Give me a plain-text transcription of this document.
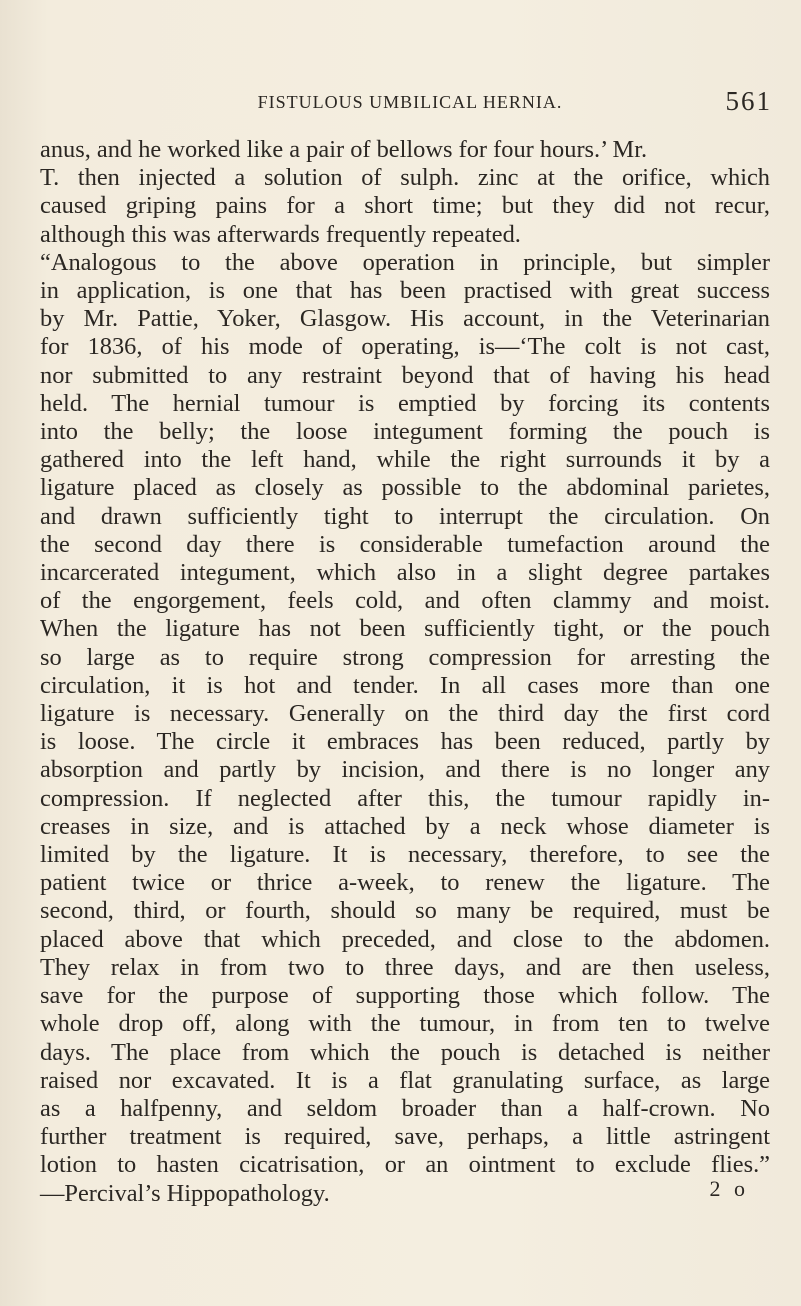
FISTULOUS UMBILICAL HERNIA.	561
anus, and he worked like a pair of bellows for four hours.’ Mr.
T. then injected a solution of sulph. zinc at the orifice, which
caused griping pains for a short time; but they did not recur,
although this was afterwards frequently repeated.
“Analogous to the above operation in principle, but simpler
in application, is one that has been practised with great success
by Mr. Pattie, Yoker, Glasgow. His account, in the Veterinarian
for 1836, of his mode of operating, is—‘The colt is not cast,
nor submitted to any restraint beyond that of having his head
held. The hernial tumour is emptied by forcing its contents
into the belly; the loose integument forming the pouch is
gathered into the left hand, while the right surrounds it by a
ligature placed as closely as possible to the abdominal parietes,
and drawn sufficiently tight to interrupt the circulation. On
the second day there is considerable tumefaction around the
incarcerated integument, which also in a slight degree partakes
of the engorgement, feels cold, and often clammy and moist.
When the ligature has not been sufficiently tight, or the pouch
so large as to require strong compression for arresting the
circulation, it is hot and tender. In all cases more than one
ligature is necessary. Generally on the third day the first cord
is loose. The circle it embraces has been reduced, partly by
absorption and partly by incision, and there is no longer any
compression. If neglected after this, the tumour rapidly in-
creases in size, and is attached by a neck whose diameter is
limited by the ligature. It is necessary, therefore, to see the
patient twice or thrice a-week, to renew the ligature. The
second, third, or fourth, should so many be required, must be
placed above that which preceded, and close to the abdomen.
They relax in from two to three days, and are then useless,
save for the purpose of supporting those which follow. The
whole drop off, along with the tumour, in from ten to twelve
days. The place from which the pouch is detached is neither
raised nor excavated. It is a flat granulating surface, as large
as a halfpenny, and seldom broader than a half-crown. No
further treatment is required, save, perhaps, a little astringent
lotion to hasten cicatrisation, or an ointment to exclude flies.”
—Percival’s Hippopathology.	2 o
